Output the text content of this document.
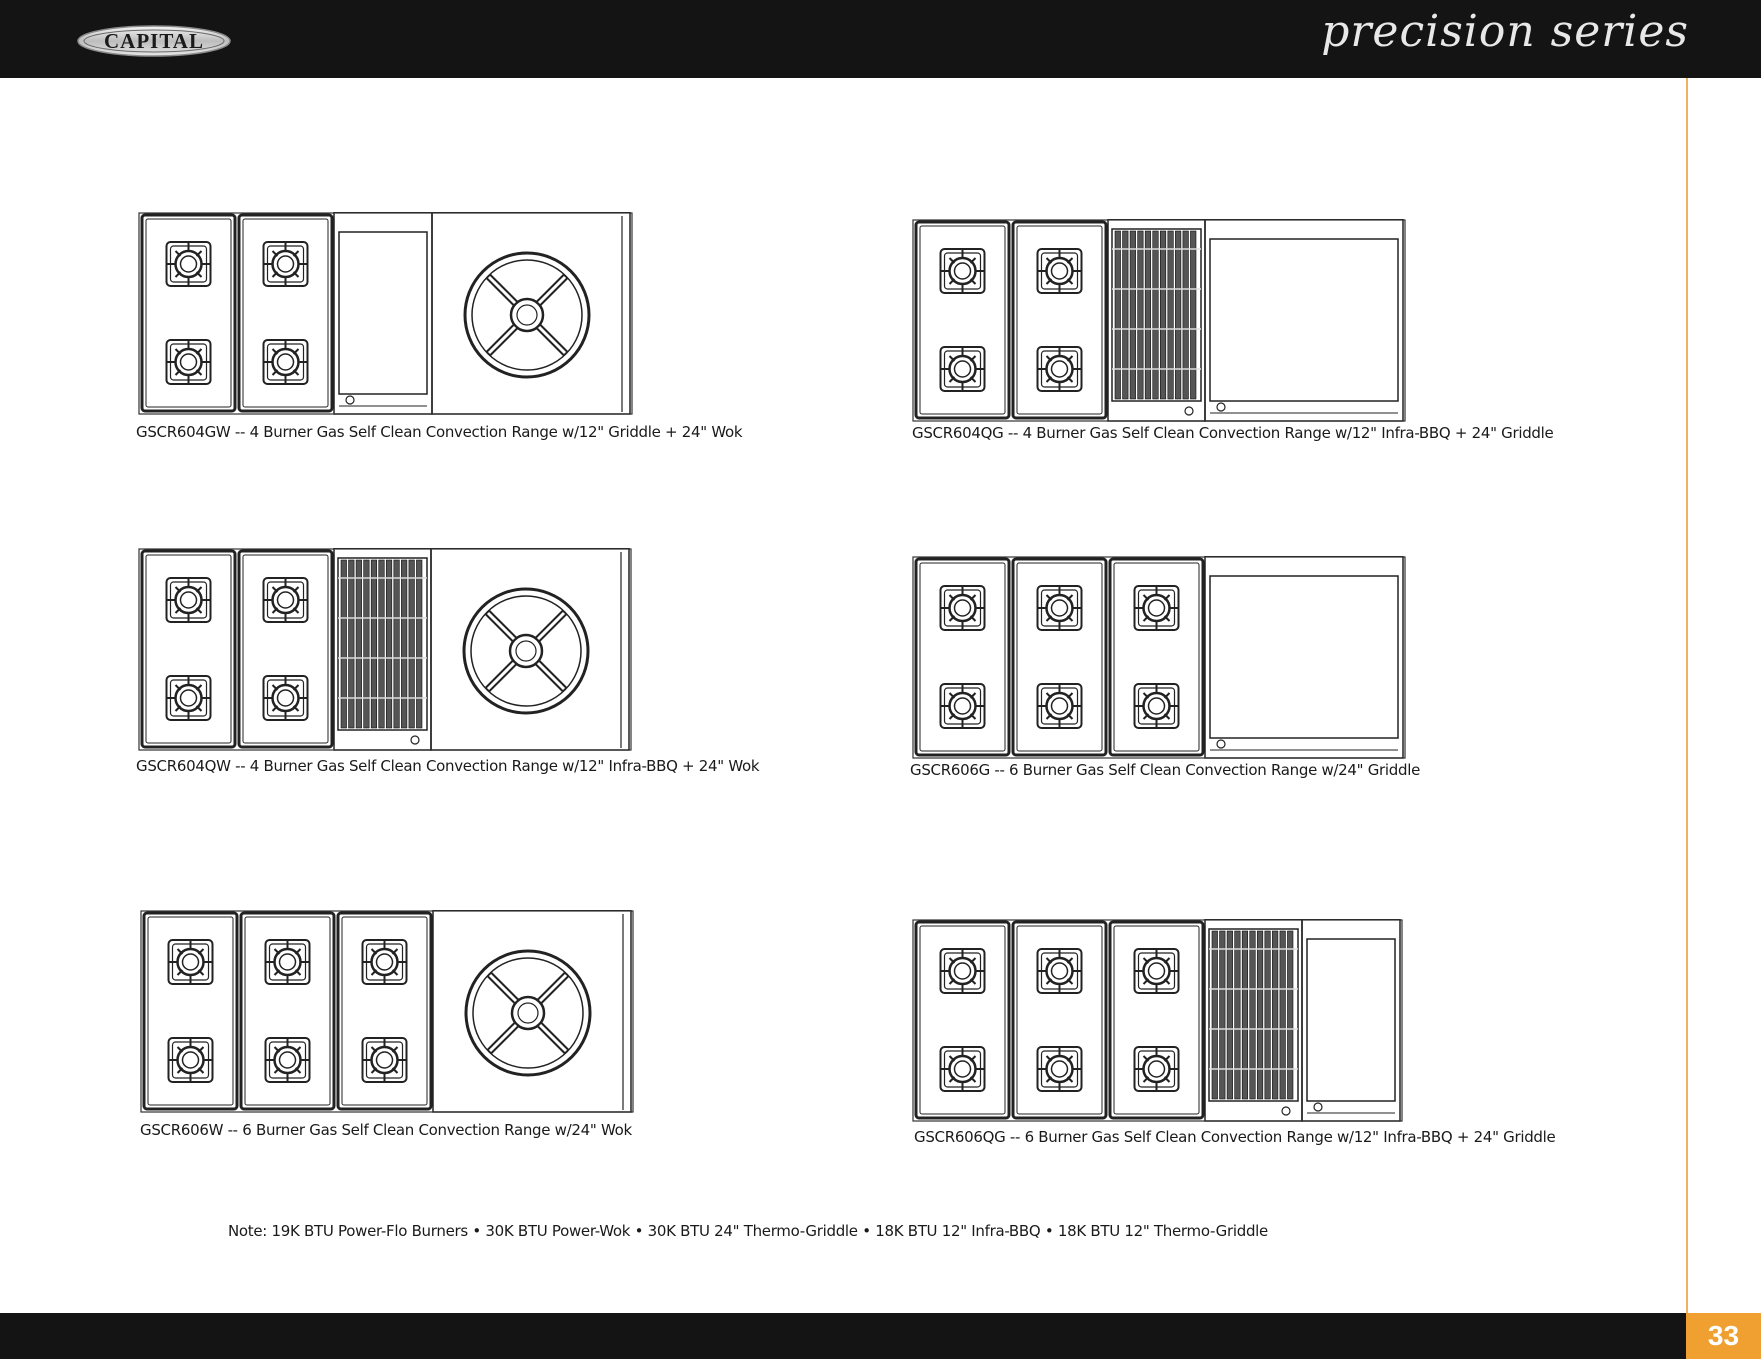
CAPITAL	precision series
GSCR604GW -- 4 Burner Gas Self Clean Convection Range w/12" Griddle + 24" Wok	GSCR604QG -- 4 Burner Gas Self Clean Convection Range w/12" Infra-BBQ + 24" Griddle
GSCR604QW -- 4 Burner Gas Self Clean Convection Range w/12" Infra-BBQ + 24" Wok	GSCR606G -- 6 Burner Gas Self Clean Convection Range w/24" Griddle
GSCR606W -- 6 Burner Gas Self Clean Convection Range w/24" Wok	GSCR606QG -- 6 Burner Gas Self Clean Convection Range w/12" Infra-BBQ + 24" Griddle
Note: 19K BTU Power-Flo Burners • 30K BTU Power-Wok • 30K BTU 24" Thermo-Griddle • 18K BTU 12" Infra-BBQ • 18K BTU 12" Thermo-Griddle
33
